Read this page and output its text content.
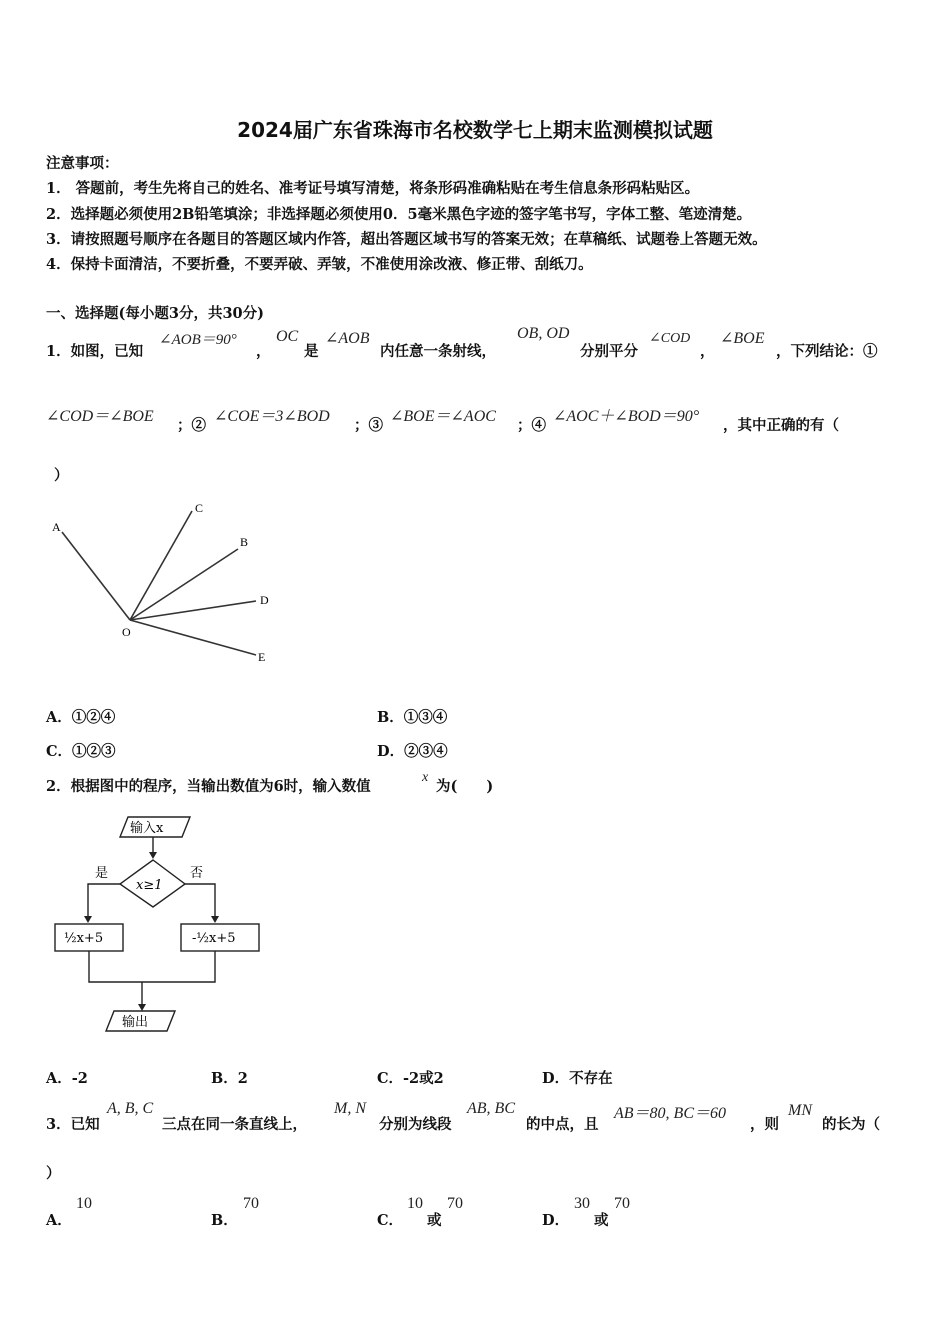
2024届广东省珠海市名校数学七上期末监测模拟试题
注意事项：
1． 答题前，考生先将自己的姓名、准考证号填写清楚，将条形码准确粘贴在考生信息条形码粘贴区。
2．选择题必须使用2B铅笔填涂；非选择题必须使用0．5毫米黑色字迹的签字笔书写，字体工整、笔迹清楚。
3．请按照题号顺序在各题目的答题区域内作答，超出答题区域书写的答案无效；在草稿纸、试题卷上答题无效。
4．保持卡面清洁，不要折叠，不要弄破、弄皱，不准使用涂改液、修正带、刮纸刀。
一、选择题(每小题3分，共30分)
1．如图，已知
∠AOB＝90°
，
OC
是
∠AOB
内任意一条射线，
OB, OD
分别平分
∠COD
，
∠BOE
，下列结论：①
∠COD＝∠BOE
；②
∠COE＝3∠BOD
；③
∠BOE＝∠AOC
；④
∠AOC＋∠BOD＝90°
，其中正确的有（
）
A
C
B
D
O
E
A．①②④	B．①③④
C．①②③	D．②③④
2．根据图中的程序，当输出数值为6时，输入数值
x
为(　　)
输入x
x≥1
是	否
½x+5	-½x+5
输出
A．-2	B．2	C．-2或2	D．不存在
3．已知
A, B, C
三点在同一条直线上，
M, N
分别为线段
AB, BC
的中点，且
AB＝80, BC＝60
，则
MN
的长为（
）
A．
10
B．
70
C．
10
或
70
D．
30
或
70
